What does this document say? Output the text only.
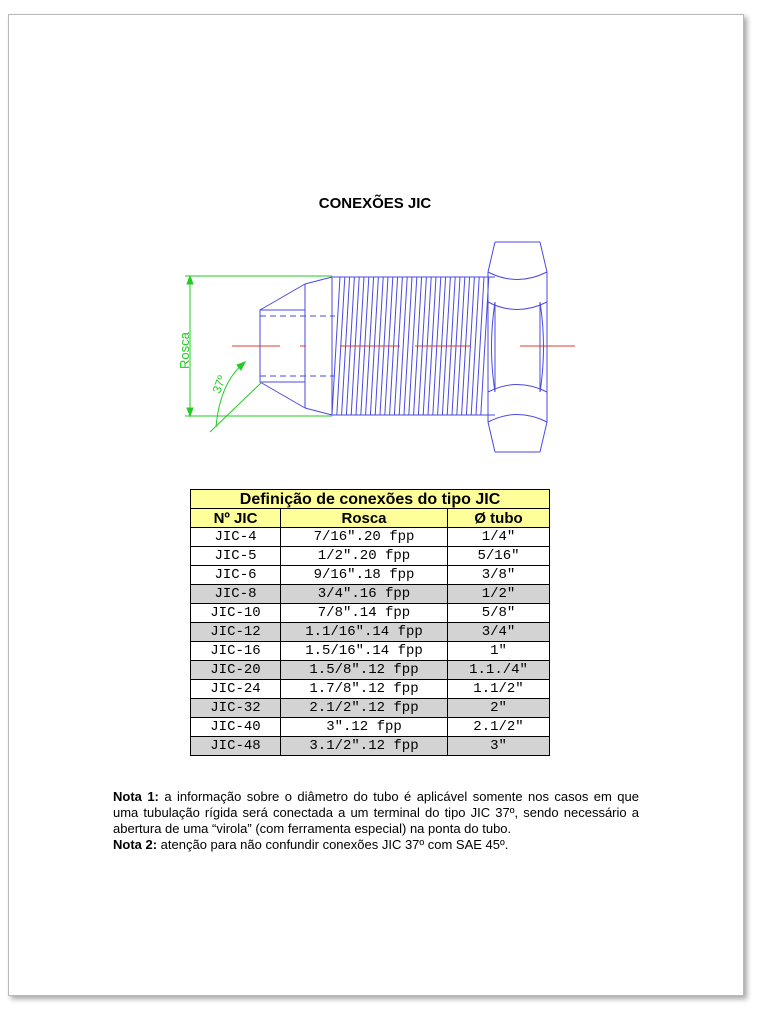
CONEXÕES JIC
Rosca
37º
Definição de conexões do tipo JIC		
Nº JIC	Rosca	Ø tubo
JIC-4	7/16".20 fpp	1/4"
JIC-5	1/2".20 fpp	5/16"
JIC-6	9/16".18 fpp	3/8"
JIC-8	3/4".16 fpp	1/2"
JIC-10	7/8".14 fpp	5/8"
JIC-12	1.1/16".14 fpp	3/4"
JIC-16	1.5/16".14 fpp	1"
JIC-20	1.5/8".12 fpp	1.1./4"
JIC-24	1.7/8".12 fpp	1.1/2"
JIC-32	2.1/2".12 fpp	2"
JIC-40	3".12 fpp	2.1/2"
JIC-48	3.1/2".12 fpp	3"

Nota 1: a informação sobre o diâmetro do tubo é aplicável somente nos casos em que uma tubulação rígida será conectada a um terminal do tipo JIC 37º, sendo necessário a abertura de uma “virola” (com ferramenta especial) na ponta do tubo.

Nota 2: atenção para não confundir conexões JIC 37º com SAE 45º.
